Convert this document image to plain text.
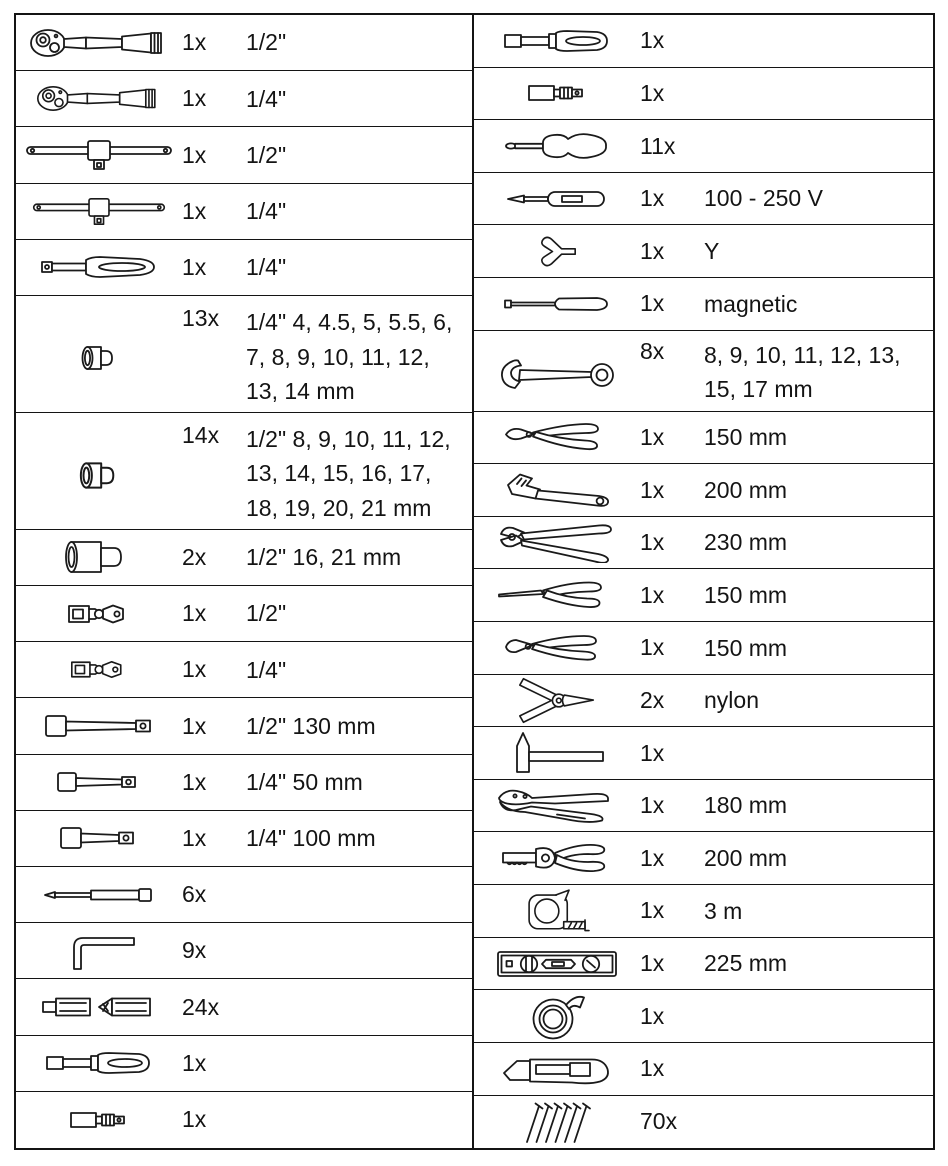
1x	1/2"
1x	1/4"
1x	1/2"
1x	1/4"
1x	1/4"
13x	1/4" 4, 4.5, 5, 5.5, 6, 7, 8, 9, 10, 11, 12, 13, 14 mm
14x	1/2" 8, 9, 10, 11, 12, 13, 14, 15, 16, 17, 18, 19, 20, 21 mm
2x	1/2" 16, 21 mm
1x	1/2"
1x	1/4"
1x	1/2" 130 mm
1x	1/4" 50 mm
1x	1/4" 100 mm
6x
9x
24x
1x
1x
1x
1x
11x
1x	100 - 250 V
1x	Y
1x	magnetic
8x	8, 9, 10, 11, 12, 13, 15, 17 mm
1x	150 mm
1x	200 mm
1x	230 mm
1x	150 mm
1x	150 mm
2x	nylon
1x
1x	180 mm
1x	200 mm
1x	3 m
1x	225 mm
1x
1x
70x
